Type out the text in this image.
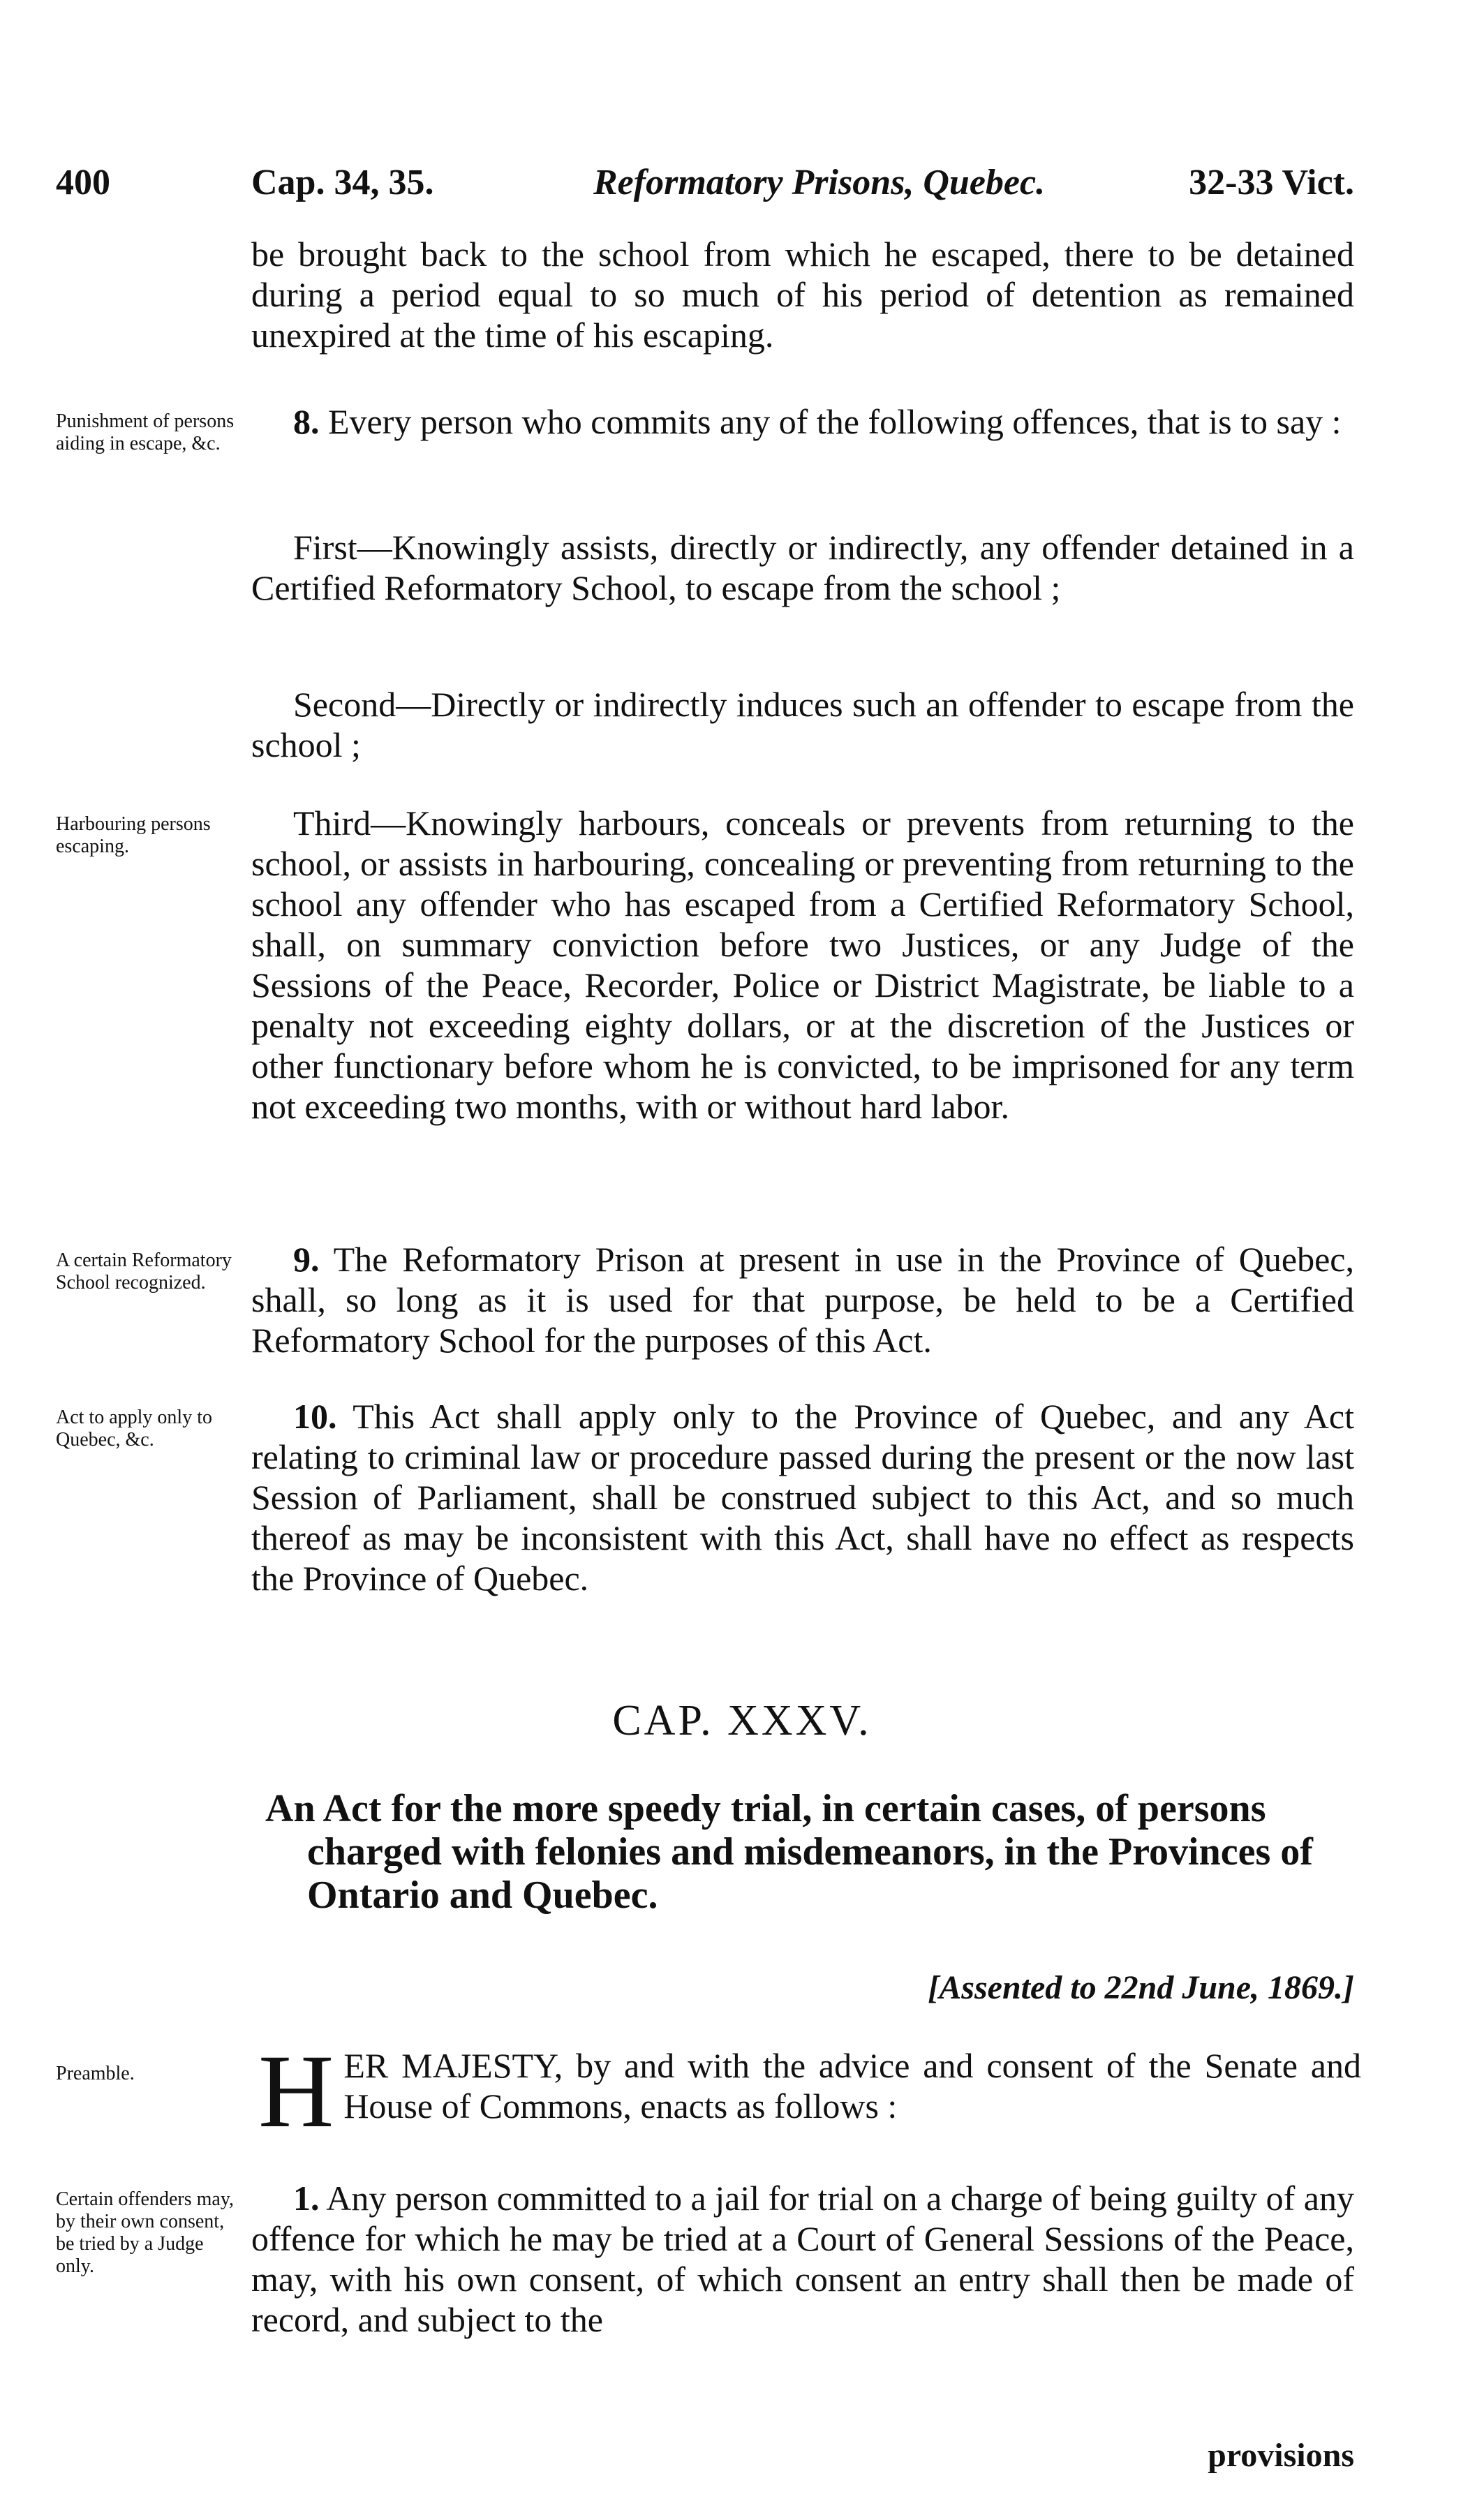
400	Cap. 34, 35.	Reformatory Prisons, Quebec.	32-33 Vict.
be brought back to the school from which he escaped, there to be detained during a period equal to so much of his period of detention as remained unexpired at the time of his escaping.
Punishment of persons aiding in escape, &c.
8. Every person who commits any of the following offences, that is to say :
First—Knowingly assists, directly or indirectly, any offender detained in a Certified Reformatory School, to escape from the school ;
Second—Directly or indirectly induces such an offender to escape from the school ;
Harbouring persons escaping.
Third—Knowingly harbours, conceals or prevents from returning to the school, or assists in harbouring, concealing or preventing from returning to the school any offender who has escaped from a Certified Reformatory School, shall, on summary conviction before two Justices, or any Judge of the Sessions of the Peace, Recorder, Police or District Magistrate, be liable to a penalty not exceeding eighty dollars, or at the discretion of the Justices or other functionary before whom he is convicted, to be imprisoned for any term not exceeding two months, with or without hard labor.
A certain Reformatory School recognized.
9. The Reformatory Prison at present in use in the Province of Quebec, shall, so long as it is used for that purpose, be held to be a Certified Reformatory School for the purposes of this Act.
Act to apply only to Quebec, &c.
10. This Act shall apply only to the Province of Quebec, and any Act relating to criminal law or procedure passed during the present or the now last Session of Parliament, shall be construed subject to this Act, and so much thereof as may be inconsistent with this Act, shall have no effect as respects the Province of Quebec.
CAP. XXXV.
An Act for the more speedy trial, in certain cases, of persons charged with felonies and misdemeanors, in the Provinces of Ontario and Quebec.
[Assented to 22nd June, 1869.]
Preamble.	H ER MAJESTY, by and with the advice and consent of the Senate and House of Commons, enacts as follows :
Certain offenders may, by their own consent, be tried by a Judge only.
1. Any person committed to a jail for trial on a charge of being guilty of any offence for which he may be tried at a Court of General Sessions of the Peace, may, with his own consent, of which consent an entry shall then be made of record, and subject to the
provisions
